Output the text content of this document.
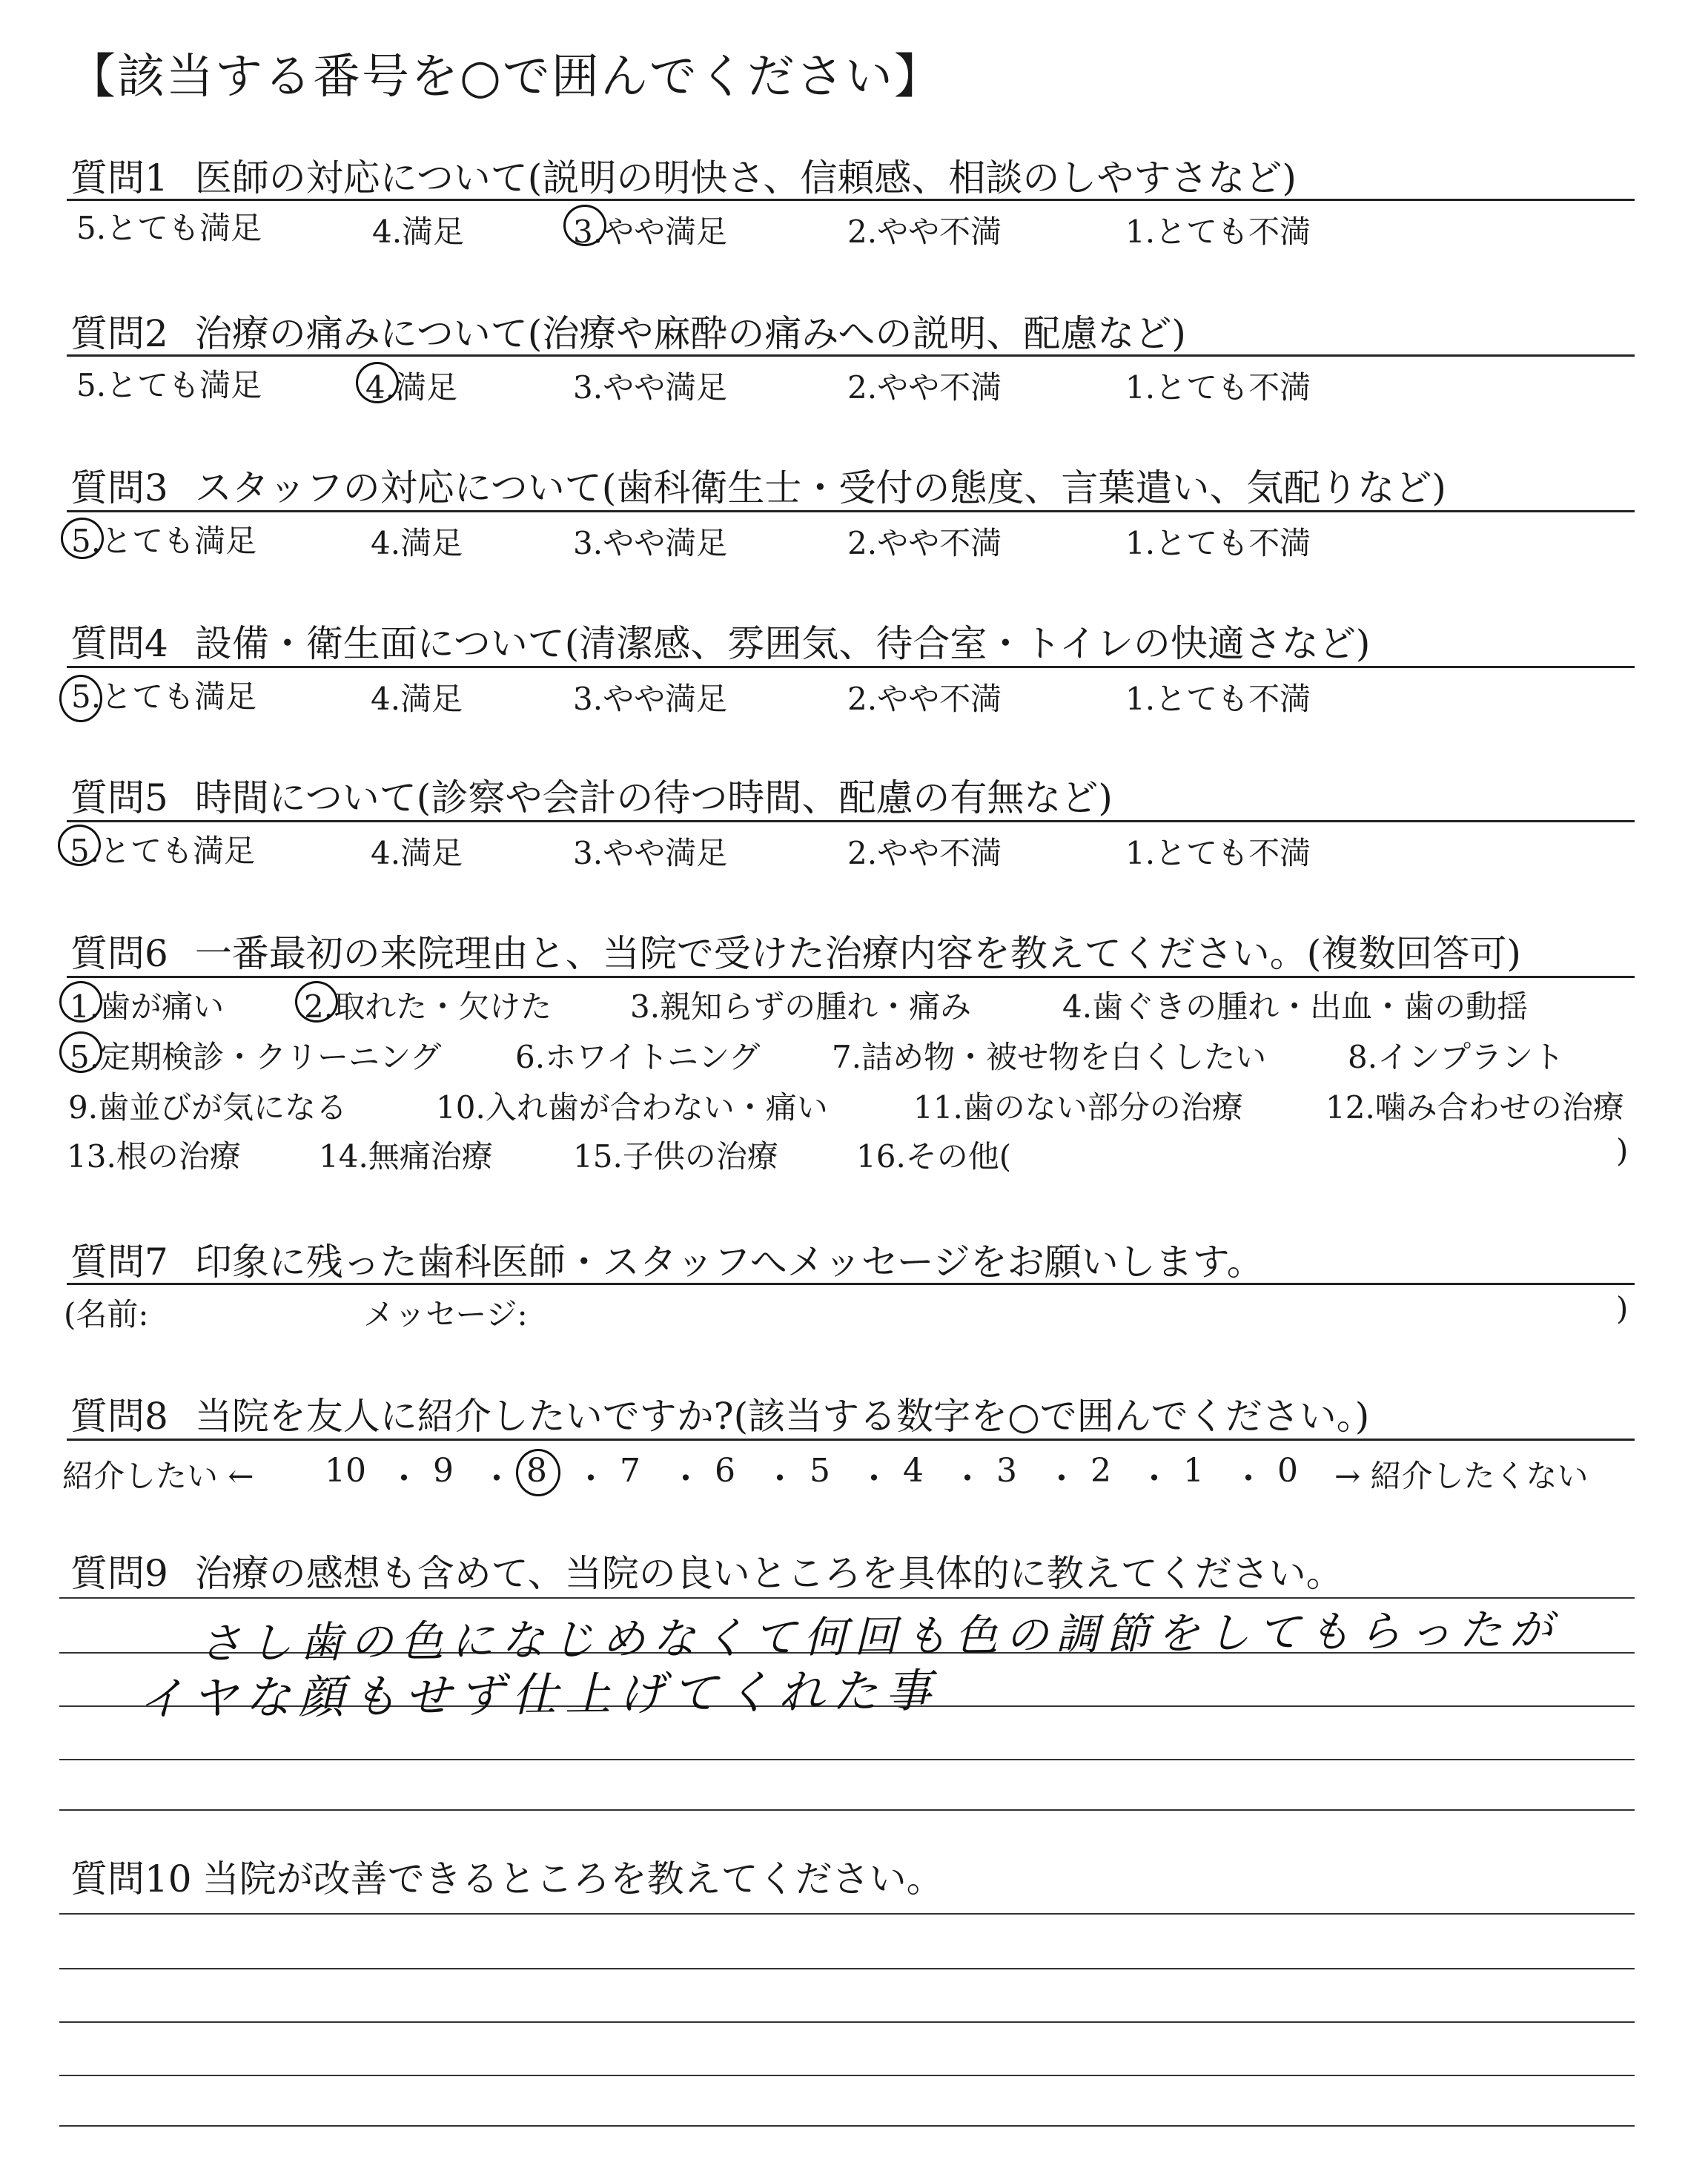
【該当する番号を○で囲んでください】
質問1 医師の対応について(説明の明快さ、信頼感、相談のしやすさなど)
5.とても満足	4.満足	3.やや満足	2.やや不満	1.とても不満
質問2 治療の痛みについて(治療や麻酔の痛みへの説明、配慮など)
5.とても満足	4.満足	3.やや満足	2.やや不満	1.とても不満
質問3 スタッフの対応について(歯科衛生士・受付の態度、言葉遣い、気配りなど)
5.とても満足	4.満足	3.やや満足	2.やや不満	1.とても不満
質問4 設備・衛生面について(清潔感、雰囲気、待合室・トイレの快適さなど)
5.とても満足	4.満足	3.やや満足	2.やや不満	1.とても不満
質問5 時間について(診察や会計の待つ時間、配慮の有無など)
5.とても満足	4.満足	3.やや満足	2.やや不満	1.とても不満
質問6 一番最初の来院理由と、当院で受けた治療内容を教えてください。(複数回答可)
1.歯が痛い	2.取れた・欠けた	3.親知らずの腫れ・痛み	4.歯ぐきの腫れ・出血・歯の動揺
5.定期検診・クリーニング 6.ホワイトニング 7.詰め物・被せ物を白くしたい	8.インプラント
9.歯並びが気になる	10.入れ歯が合わない・痛い	11.歯のない部分の治療	12.噛み合わせの治療
13.根の治療	14.無痛治療	15.子供の治療	16.その他(	)
質問7 印象に残った歯科医師・スタッフへメッセージをお願いします。
(名前:	メッセージ:	)
質問8 当院を友人に紹介したいですか?(該当する数字を○で囲んでください。)
紹介したい ← 10 ・ 9 ・ 8 ・ 7 ・ 6 ・ 5 ・ 4 ・ 3 ・ 2 ・ 1 ・ 0 → 紹介したくない
質問9 治療の感想も含めて、当院の良いところを具体的に教えてください。
さし歯の色になじめなくて何回も色の調節をしてもらったが
イヤな顔もせず仕上げてくれた事
質問10 当院が改善できるところを教えてください。
